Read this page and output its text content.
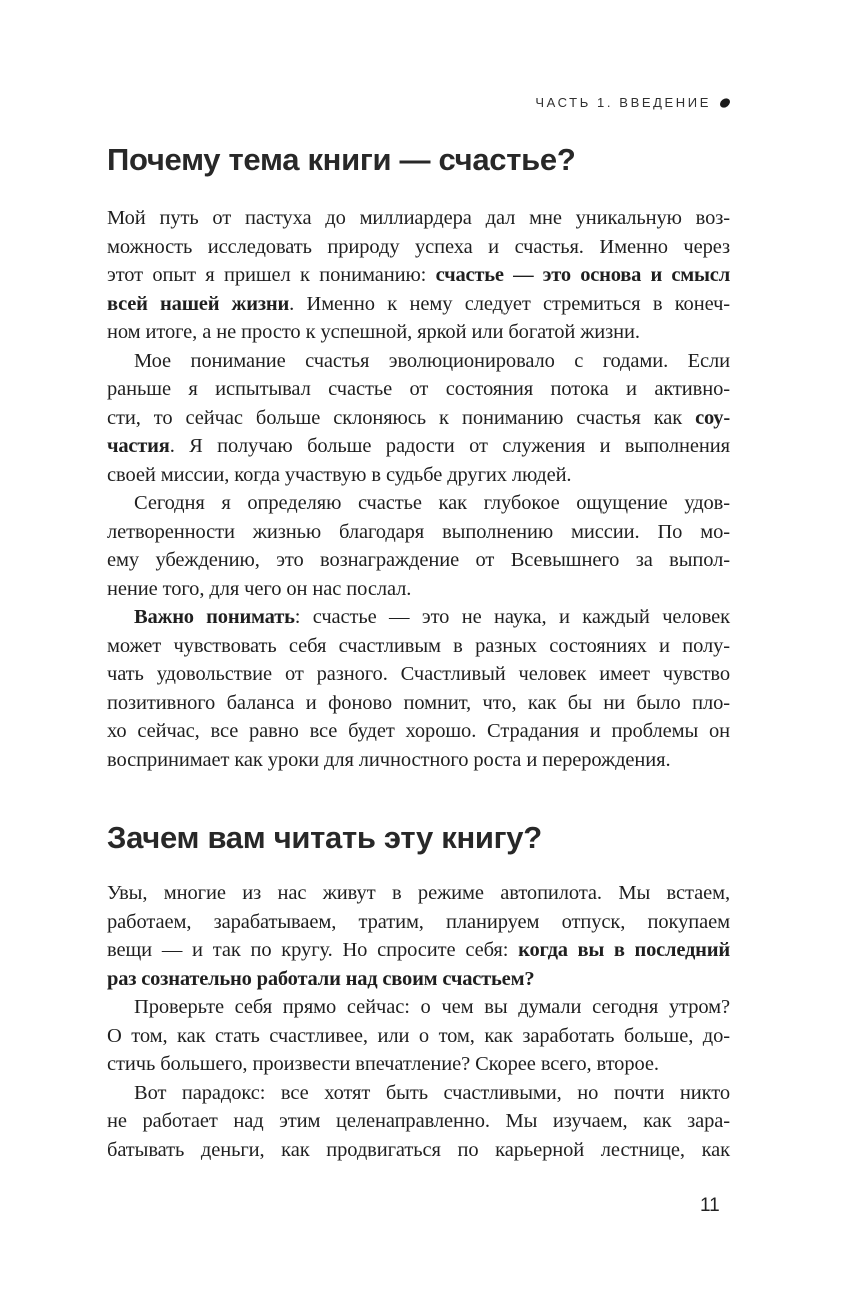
ЧАСТЬ 1. ВВЕДЕНИЕ
Почему тема книги — счастье?
Мой путь от пастуха до миллиардера дал мне уникальную воз-
можность исследовать природу успеха и счастья. Именно через
этот опыт я пришел к пониманию: счастье — это основа и смысл
всей нашей жизни. Именно к нему следует стремиться в конеч-
ном итоге, а не просто к успешной, яркой или богатой жизни.
Мое понимание счастья эволюционировало с годами. Если
раньше я испытывал счастье от состояния потока и активно-
сти, то сейчас больше склоняюсь к пониманию счастья как соу-
частия. Я получаю больше радости от служения и выполнения
своей миссии, когда участвую в судьбе других людей.
Сегодня я определяю счастье как глубокое ощущение удов-
летворенности жизнью благодаря выполнению миссии. По мо-
ему убеждению, это вознаграждение от Всевышнего за выпол-
нение того, для чего он нас послал.
Важно понимать: счастье — это не наука, и каждый человек
может чувствовать себя счастливым в разных состояниях и полу-
чать удовольствие от разного. Счастливый человек имеет чувство
позитивного баланса и фоново помнит, что, как бы ни было пло-
хо сейчас, все равно все будет хорошо. Страдания и проблемы он
воспринимает как уроки для личностного роста и перерождения.
Зачем вам читать эту книгу?
Увы, многие из нас живут в режиме автопилота. Мы встаем,
работаем, зарабатываем, тратим, планируем отпуск, покупаем
вещи — и так по кругу. Но спросите себя: когда вы в последний
раз сознательно работали над своим счастьем?
Проверьте себя прямо сейчас: о чем вы думали сегодня утром?
О том, как стать счастливее, или о том, как заработать больше, до-
стичь большего, произвести впечатление? Скорее всего, второе.
Вот парадокс: все хотят быть счастливыми, но почти никто
не работает над этим целенаправленно. Мы изучаем, как зара-
батывать деньги, как продвигаться по карьерной лестнице, как
11
